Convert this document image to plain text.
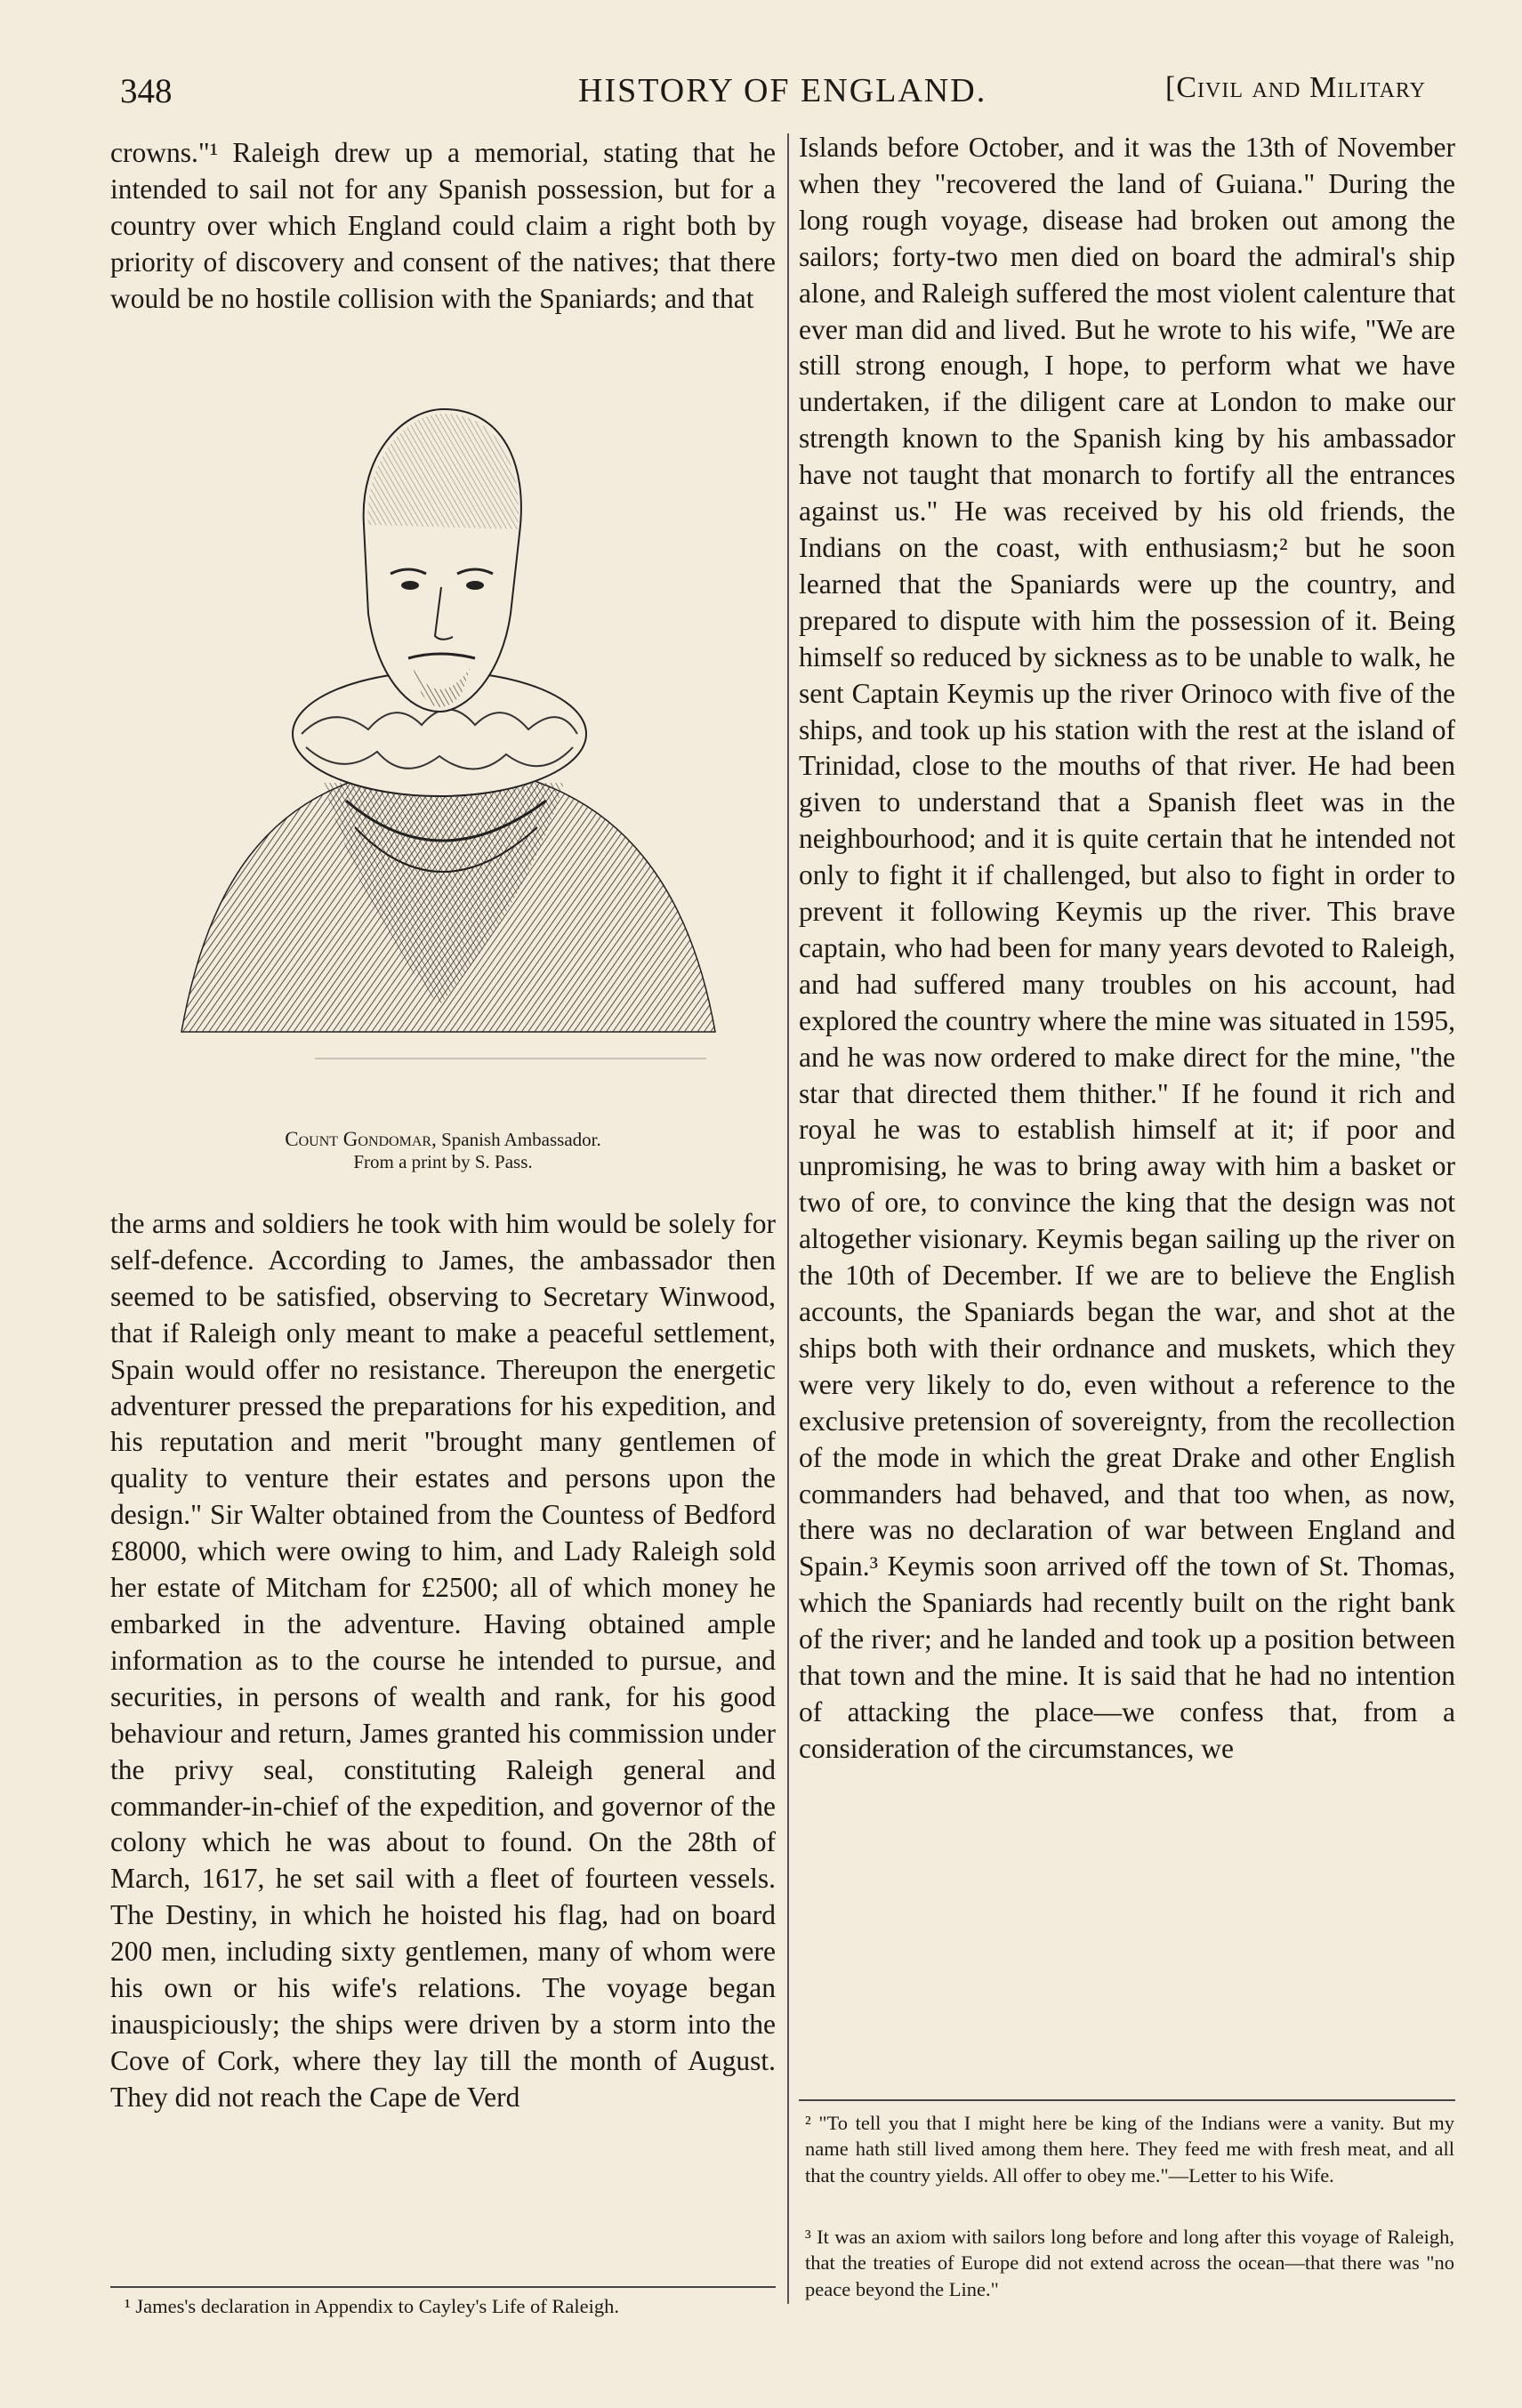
348	HISTORY OF ENGLAND.	[Civil and Military
crowns."¹ Raleigh drew up a memorial, stating that he intended to sail not for any Spanish possession, but for a country over which England could claim a right both by priority of discovery and consent of the natives; that there would be no hostile collision with the Spaniards; and that
Count Gondomar, Spanish Ambassador.
From a print by S. Pass.
the arms and soldiers he took with him would be solely for self-defence. According to James, the ambassador then seemed to be satisfied, observing to Secretary Winwood, that if Raleigh only meant to make a peaceful settlement, Spain would offer no resistance. Thereupon the energetic adventurer pressed the preparations for his expedition, and his reputation and merit "brought many gentlemen of quality to venture their estates and persons upon the design." Sir Walter obtained from the Countess of Bedford £8000, which were owing to him, and Lady Raleigh sold her estate of Mitcham for £2500; all of which money he embarked in the adventure. Having obtained ample information as to the course he intended to pursue, and securities, in persons of wealth and rank, for his good behaviour and return, James granted his commission under the privy seal, constituting Raleigh general and commander-in-chief of the expedition, and governor of the colony which he was about to found. On the 28th of March, 1617, he set sail with a fleet of fourteen vessels. The Destiny, in which he hoisted his flag, had on board 200 men, including sixty gentlemen, many of whom were his own or his wife's relations. The voyage began inauspiciously; the ships were driven by a storm into the Cove of Cork, where they lay till the month of August. They did not reach the Cape de Verd
Islands before October, and it was the 13th of November when they "recovered the land of Guiana." During the long rough voyage, disease had broken out among the sailors; forty-two men died on board the admiral's ship alone, and Raleigh suffered the most violent calenture that ever man did and lived. But he wrote to his wife, "We are still strong enough, I hope, to perform what we have undertaken, if the diligent care at London to make our strength known to the Spanish king by his ambassador have not taught that monarch to fortify all the entrances against us." He was received by his old friends, the Indians on the coast, with enthusiasm;² but he soon learned that the Spaniards were up the country, and prepared to dispute with him the possession of it. Being himself so reduced by sickness as to be unable to walk, he sent Captain Keymis up the river Orinoco with five of the ships, and took up his station with the rest at the island of Trinidad, close to the mouths of that river. He had been given to understand that a Spanish fleet was in the neighbourhood; and it is quite certain that he intended not only to fight it if challenged, but also to fight in order to prevent it following Keymis up the river. This brave captain, who had been for many years devoted to Raleigh, and had suffered many troubles on his account, had explored the country where the mine was situated in 1595, and he was now ordered to make direct for the mine, "the star that directed them thither." If he found it rich and royal he was to establish himself at it; if poor and unpromising, he was to bring away with him a basket or two of ore, to convince the king that the design was not altogether visionary. Keymis began sailing up the river on the 10th of December. If we are to believe the English accounts, the Spaniards began the war, and shot at the ships both with their ordnance and muskets, which they were very likely to do, even without a reference to the exclusive pretension of sovereignty, from the recollection of the mode in which the great Drake and other English commanders had behaved, and that too when, as now, there was no declaration of war between England and Spain.³ Keymis soon arrived off the town of St. Thomas, which the Spaniards had recently built on the right bank of the river; and he landed and took up a position between that town and the mine. It is said that he had no intention of attacking the place—we confess that, from a consideration of the circumstances, we
¹ James's declaration in Appendix to Cayley's Life of Raleigh.
² "To tell you that I might here be king of the Indians were a vanity. But my name hath still lived among them here. They feed me with fresh meat, and all that the country yields. All offer to obey me."—Letter to his Wife.
³ It was an axiom with sailors long before and long after this voyage of Raleigh, that the treaties of Europe did not extend across the ocean—that there was "no peace beyond the Line."
